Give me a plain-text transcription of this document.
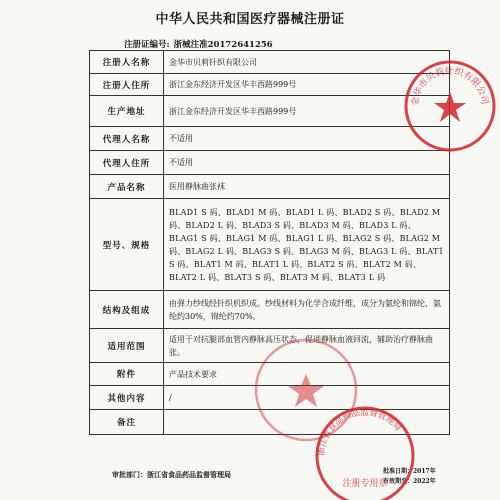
中华人民共和国医疗器械注册证
注册证编号: 浙械注准20172641256
注册人名称	金华市贝莉针织有限公司
注册人住所	浙江金东经济开发区华丰西路999号
生产地址	浙江金东经济开发区华丰西路999号
代理人名称	不适用
代理人住所	不适用
产品名称	医用静脉曲张袜
型号、规格	BLAD1 S 码、BLAD1 M 码、BLAD1 L 码、BLAD2 S 码、BLAD2 M 码、BLAD2 L 码、BLAD3 S 码、BLAD3 M 码、BLAD3 L 码、BLAG1 S 码、BLAG1 M 码、BLAG1 L 码、BLAG2 S 码、BLAG2 M 码、BLAG2 L 码、BLAG3 S 码、BLAG3 M 码、BLAG3 L 码、BLAT1 S 码、BLAT1 M 码、BLAT1 L 码、BLAT2 S 码、BLAT2 M 码、BLAT2 L 码、BLAT3 S 码、BLAT3 M 码、BLAT3 L 码
结构及组成	由弹力纱线经针织机织成。纱线材料为化学合成纤维，成分为氨纶和锦纶，氨纶约30%，锦纶约70%。
适用范围	适用于对抗腿部血管内静脉高压状态，促进静脉血液回流，辅助治疗静脉曲张。
附件	产品技术要求
其他内容	/
备注	
审批部门：浙江省食品药品监督管理局	批准日期：2017年
有效期至：2022年
金华市贝莉针织有限公司
浙江省食品药品监督管理局
注册专用章
